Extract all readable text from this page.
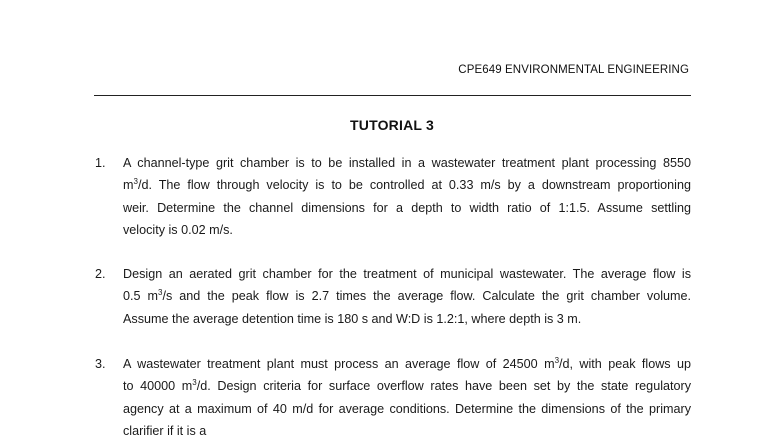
CPE649 ENVIRONMENTAL ENGINEERING
TUTORIAL 3
1. A channel-type grit chamber is to be installed in a wastewater treatment plant processing 8550
$m^3/d$. The flow through velocity is to be controlled at 0.33 m/s by a downstream proportioning
weir. Determine the channel dimensions for a depth to width ratio of 1:1.5. Assume settling
velocity is 0.02 m/s.
2. Design an aerated grit chamber for the treatment of municipal wastewater. The average flow is
0.5 $m^3/s$ and the peak flow is 2.7 times the average flow. Calculate the grit chamber volume.
Assume the average detention time is 180 s and W:D is 1.2:1, where depth is 3 m.
3. A wastewater treatment plant must process an average flow of 24500 $m^3/d$, with peak flows up
to 40000 $m^3/d$. Design criteria for surface overflow rates have been set by the state regulatory
agency at a maximum of 40 m/d for average conditions. Determine the dimensions of the primary
clarifier if it is a
